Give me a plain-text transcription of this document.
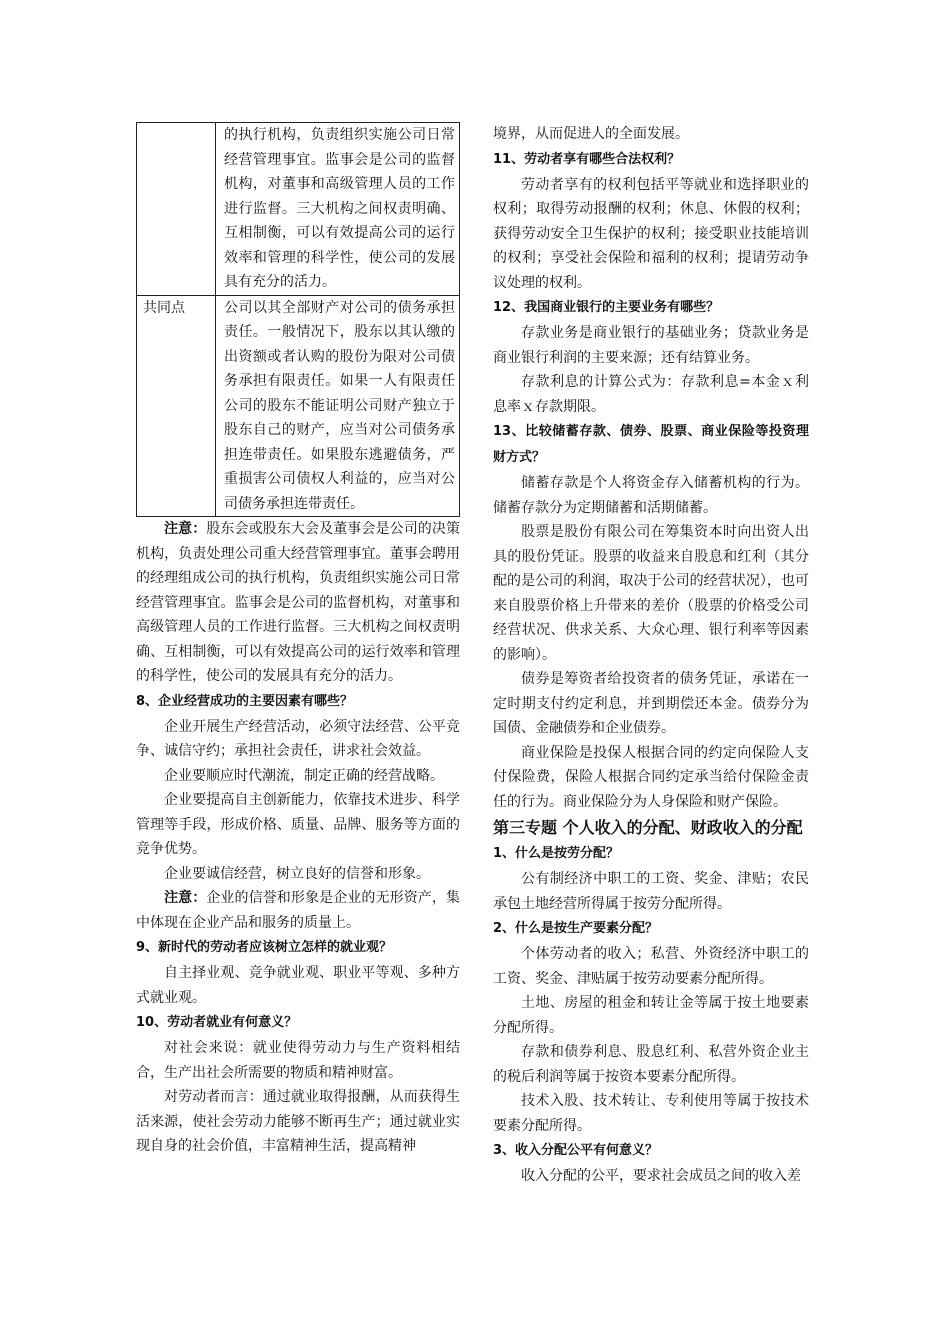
	的执行机构，负责组织实施公司日常经营管理事宜。监事会是公司的监督机构，对董事和高级管理人员的工作进行监督。三大机构之间权责明确、互相制衡，可以有效提高公司的运行效率和管理的科学性，使公司的发展具有充分的活力。
共同点	公司以其全部财产对公司的债务承担责任。一般情况下，股东以其认缴的出资额或者认购的股份为限对公司债务承担有限责任。如果一人有限责任公司的股东不能证明公司财产独立于股东自己的财产，应当对公司债务承担连带责任。如果股东逃避债务，严重损害公司债权人利益的，应当对公司债务承担连带责任。

注意：股东会或股东大会及董事会是公司的决策机构，负责处理公司重大经营管理事宜。董事会聘用的经理组成公司的执行机构，负责组织实施公司日常经营管理事宜。监事会是公司的监督机构，对董事和高级管理人员的工作进行监督。三大机构之间权责明确、互相制衡，可以有效提高公司的运行效率和管理的科学性，使公司的发展具有充分的活力。

8、企业经营成功的主要因素有哪些？

企业开展生产经营活动，必须守法经营、公平竞争、诚信守约；承担社会责任，讲求社会效益。

企业要顺应时代潮流，制定正确的经营战略。

企业要提高自主创新能力，依靠技术进步、科学管理等手段，形成价格、质量、品牌、服务等方面的竞争优势。

企业要诚信经营，树立良好的信誉和形象。

注意：企业的信誉和形象是企业的无形资产，集中体现在企业产品和服务的质量上。

9、新时代的劳动者应该树立怎样的就业观？

自主择业观、竞争就业观、职业平等观、多种方式就业观。

10、劳动者就业有何意义？

对社会来说：就业使得劳动力与生产资料相结合，生产出社会所需要的物质和精神财富。

对劳动者而言：通过就业取得报酬，从而获得生活来源，使社会劳动力能够不断再生产；通过就业实现自身的社会价值，丰富精神生活，提高精神

境界，从而促进人的全面发展。

11、劳动者享有哪些合法权利？

劳动者享有的权利包括平等就业和选择职业的权利；取得劳动报酬的权利；休息、休假的权利；获得劳动安全卫生保护的权利；接受职业技能培训的权利；享受社会保险和福利的权利；提请劳动争议处理的权利。

12、我国商业银行的主要业务有哪些？

存款业务是商业银行的基础业务；贷款业务是商业银行利润的主要来源；还有结算业务。

存款利息的计算公式为：存款利息=本金ｘ利息率ｘ存款期限。

13、比较储蓄存款、债券、股票、商业保险等投资理财方式？

储蓄存款是个人将资金存入储蓄机构的行为。储蓄存款分为定期储蓄和活期储蓄。

股票是股份有限公司在筹集资本时向出资人出具的股份凭证。股票的收益来自股息和红利（其分配的是公司的利润，取决于公司的经营状况），也可来自股票价格上升带来的差价（股票的价格受公司经营状况、供求关系、大众心理、银行利率等因素的影响）。

债券是筹资者给投资者的债务凭证，承诺在一定时期支付约定利息，并到期偿还本金。债券分为国债、金融债券和企业债券。

商业保险是投保人根据合同的约定向保险人支付保险费，保险人根据合同约定承当给付保险金责任的行为。商业保险分为人身保险和财产保险。

第三专题 个人收入的分配、财政收入的分配

1、什么是按劳分配？

公有制经济中职工的工资、奖金、津贴；农民承包土地经营所得属于按劳分配所得。

2、什么是按生产要素分配？

个体劳动者的收入；私营、外资经济中职工的工资、奖金、津贴属于按劳动要素分配所得。

土地、房屋的租金和转让金等属于按土地要素分配所得。

存款和债券利息、股息红利、私营外资企业主的税后利润等属于按资本要素分配所得。

技术入股、技术转让、专利使用等属于按技术要素分配所得。

3、收入分配公平有何意义？

收入分配的公平，要求社会成员之间的收入差
